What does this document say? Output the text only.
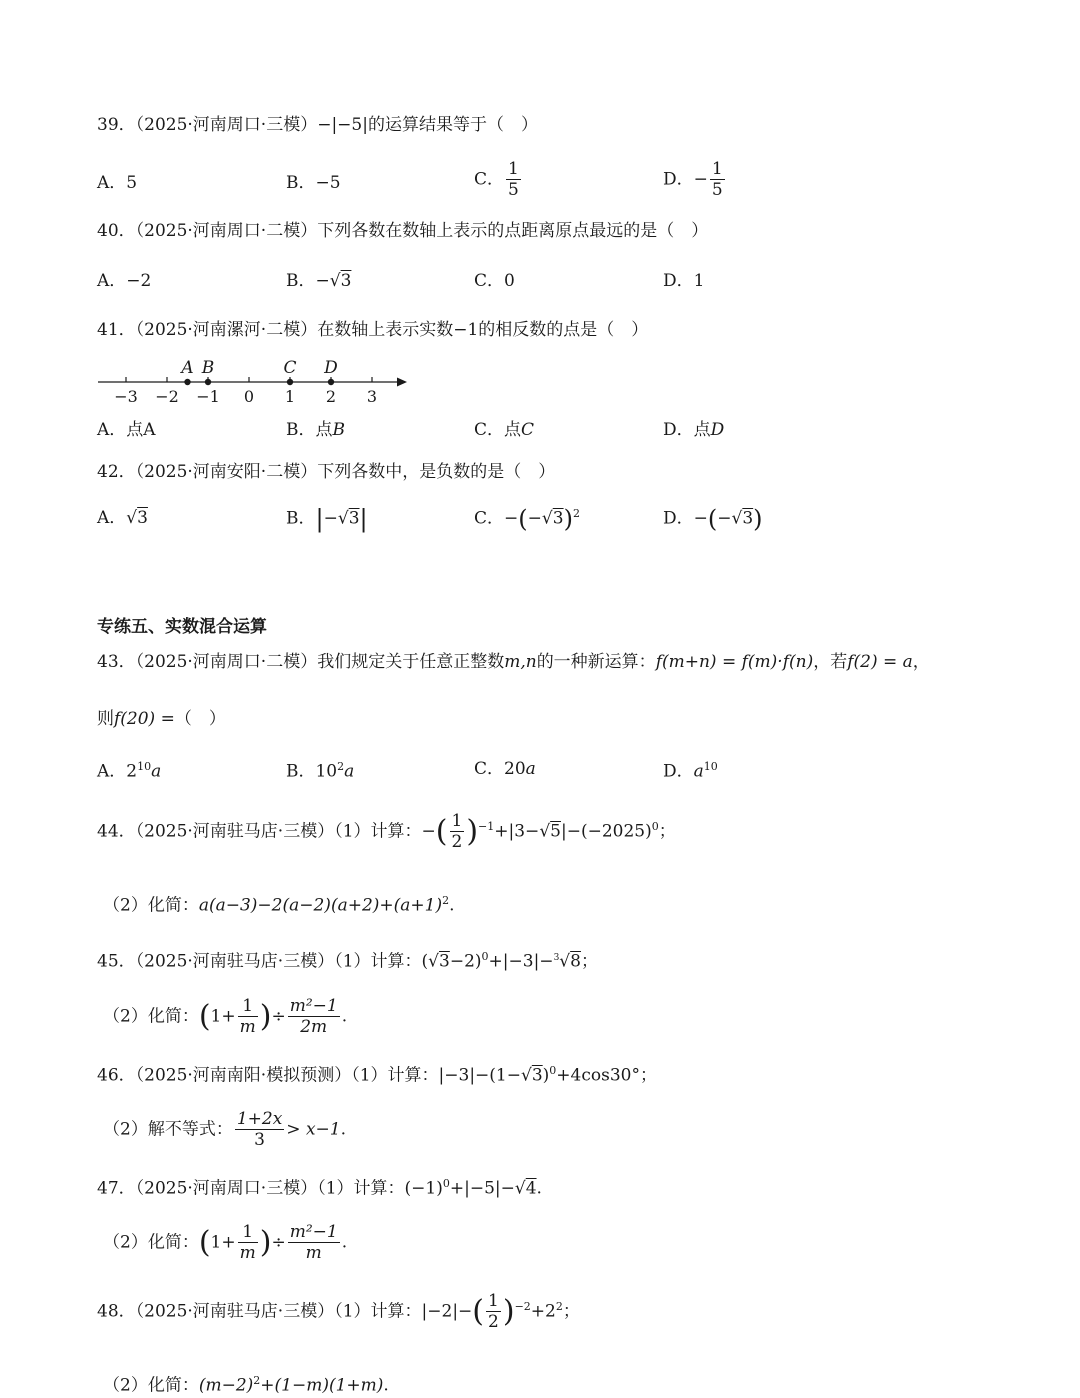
39．（2025·河南周口·三模）−|−5|的运算结果等于（　）
A．5	B．−5	C． $\frac{1}{5}$	D．− $\frac{1}{5}$
40．（2025·河南周口·二模）下列各数在数轴上表示的点距离原点最远的是（　）
A．−2	B．−√3	C．0	D．1
41．（2025·河南漯河·二模）在数轴上表示实数−1的相反数的点是（　）
−3 −2 −1 0 1 2 3
A B	C D
A．点A	B．点B	C．点C	D．点D
42．（2025·河南安阳·二模）下列各数中，是负数的是（　）
A．√3	B．|−√3|	C．$-(-√3)^2$	D．−(−√3)
专练五、实数混合运算
43．（2025·河南周口·二模）我们规定关于任意正整数m,n的一种新运算：f(m+n) = f(m)·f(n)，若f(2) = a，
则f(20) =（　）
A．$2^{10}a$	B．$10^2a$	C．20a	D．$a^{10}$
44．（2025·河南驻马店·三模）（1）计算：−( $\frac{1}{2} )^{-1}+|3-√5|-(-2025)^0$；
（2）化简：$a(a-3)-2(a-2)(a+2)+(a+1)^2$.
45．（2025·河南驻马店·三模）（1）计算：$(√3-2)^0+|-3|-^3√8$；
（2）化简：($1+ \frac{1}{m}$ )÷ $\frac{\text{m²−1}}{2m}$ .
46．（2025·河南南阳·模拟预测）（1）计算：$|-3|-(1-√3)^0+4\cos 30^\circ$；
（2）解不等式： $\frac{1+2x}{3} > x-1$.
47．（2025·河南周口·三模）（1）计算：$(-1)^0+|-5|-√4$.
（2）化简：($1+ \frac{1}{m}$ )÷ $\frac{\text{m²−1}}{m}$ .
48．（2025·河南驻马店·三模）（1）计算：$|-2|-( \frac{1}{2} )^{-2}+2^2$；
（2）化简：$(m-2)^2+(1-m)(1+m)$.
